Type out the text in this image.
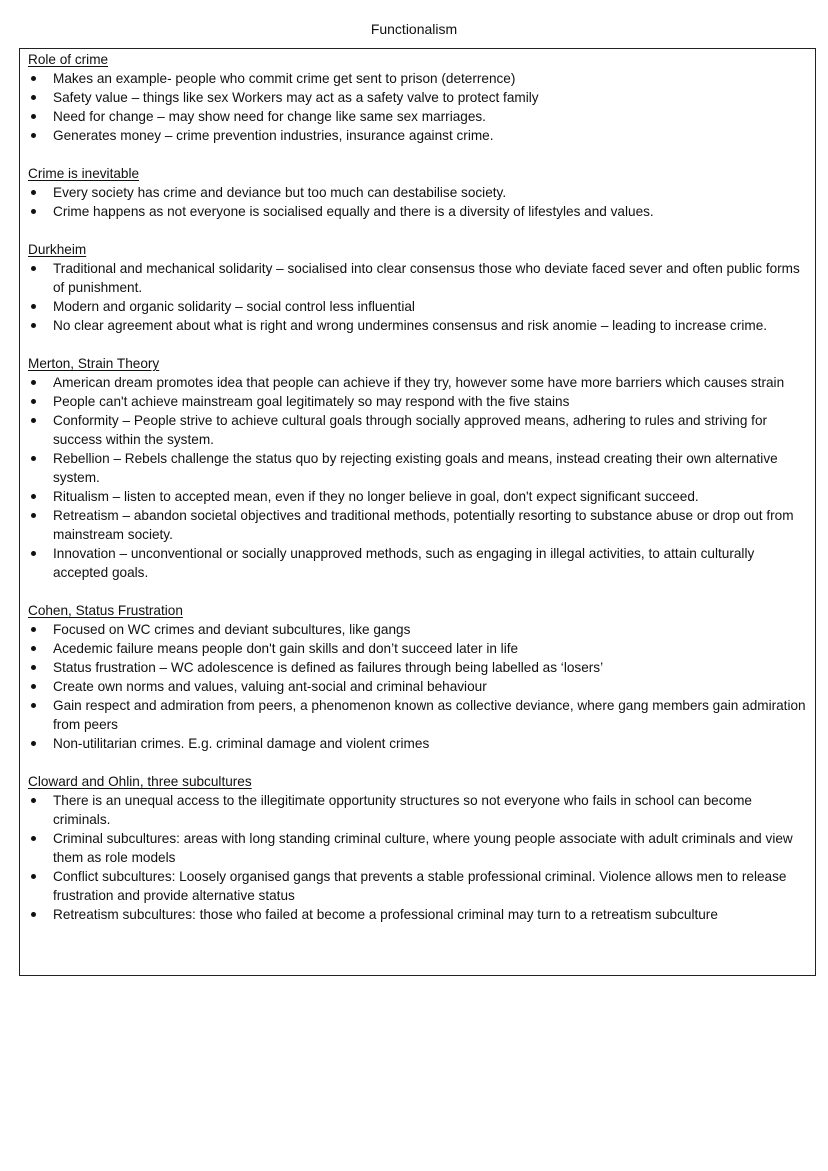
Functionalism
Role of crime
Makes an example- people who commit crime get sent to prison (deterrence)
Safety value – things like sex Workers may act as a safety valve to protect family
Need for change – may show need for change like same sex marriages.
Generates money – crime prevention industries, insurance against crime.
Crime is inevitable
Every society has crime and deviance but too much can destabilise society.
Crime happens as not everyone is socialised equally and there is a diversity of lifestyles and values.
Durkheim
Traditional and mechanical solidarity – socialised into clear consensus those who deviate faced sever and often public forms of punishment.
Modern and organic solidarity – social control less influential
No clear agreement about what is right and wrong undermines consensus and risk anomie – leading to increase crime.
Merton, Strain Theory
American dream promotes idea that people can achieve if they try, however some have more barriers which causes strain
People can't achieve mainstream goal legitimately so may respond with the five stains
Conformity – People strive to achieve cultural goals through socially approved means, adhering to rules and striving for success within the system.
Rebellion – Rebels challenge the status quo by rejecting existing goals and means, instead creating their own alternative system.
Ritualism – listen to accepted mean, even if they no longer believe in goal, don't expect significant succeed.
Retreatism – abandon societal objectives and traditional methods, potentially resorting to substance abuse or drop out from mainstream society.
Innovation – unconventional or socially unapproved methods, such as engaging in illegal activities, to attain culturally accepted goals.
Cohen, Status Frustration
Focused on WC crimes and deviant subcultures, like gangs
Acedemic failure means people don't gain skills and don’t succeed later in life
Status frustration – WC adolescence is defined as failures through being labelled as ‘losers’
Create own norms and values, valuing ant-social and criminal behaviour
Gain respect and admiration from peers, a phenomenon known as collective deviance, where gang members gain admiration from peers
Non-utilitarian crimes. E.g. criminal damage and violent crimes
Cloward and Ohlin, three subcultures
There is an unequal access to the illegitimate opportunity structures so not everyone who fails in school can become criminals.
Criminal subcultures: areas with long standing criminal culture, where young people associate with adult criminals and view them as role models
Conflict subcultures: Loosely organised gangs that prevents a stable professional criminal. Violence allows men to release frustration and provide alternative status
Retreatism subcultures: those who failed at become a professional criminal may turn to a retreatism subculture
